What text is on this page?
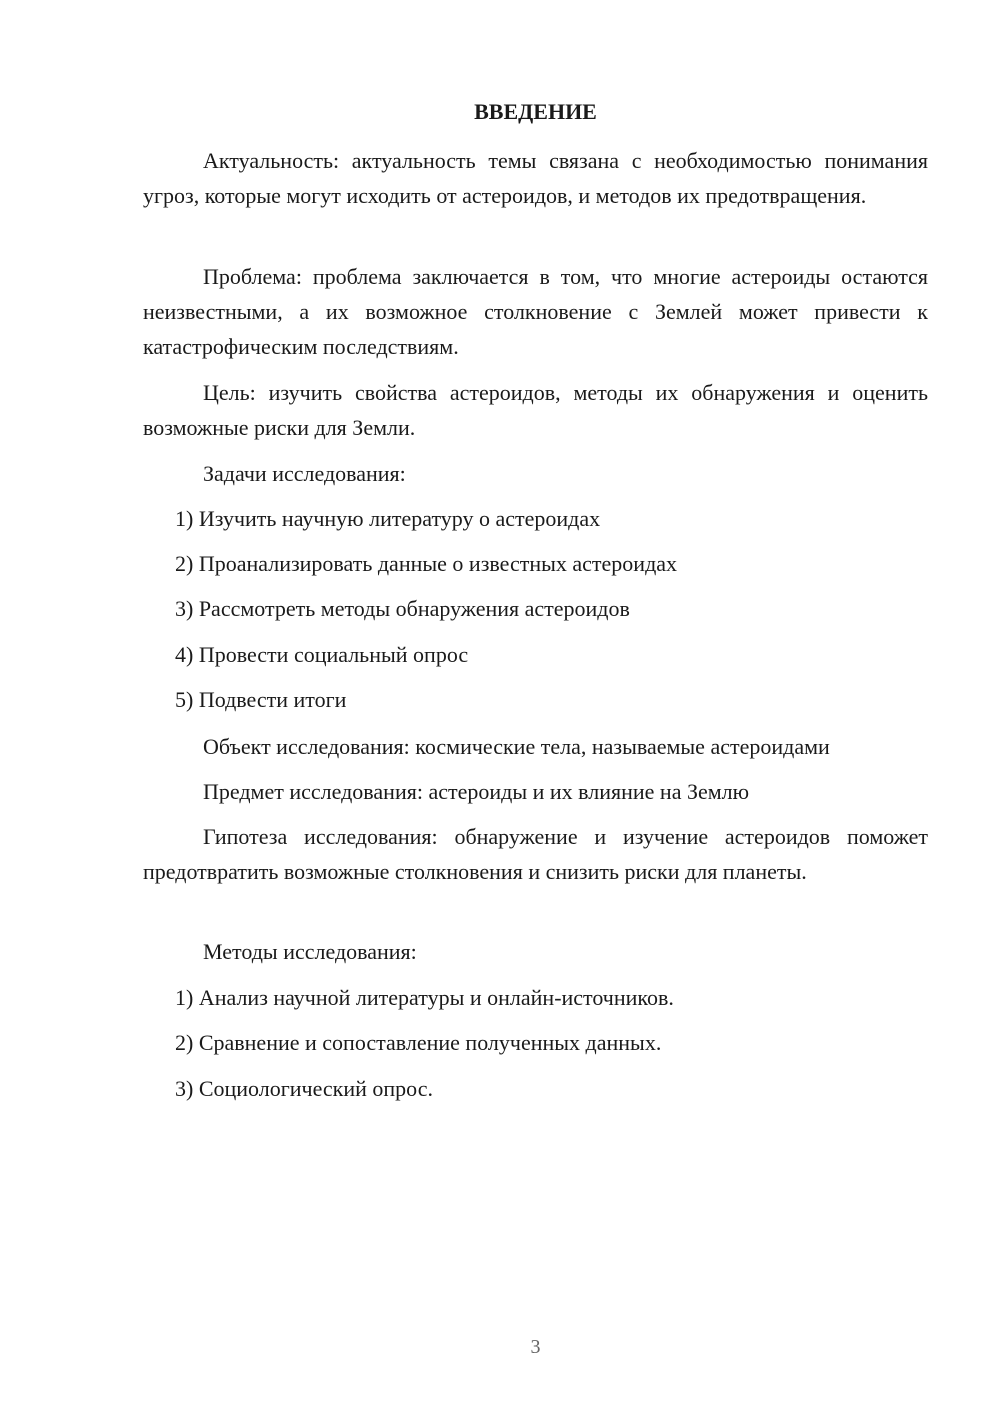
ВВЕДЕНИЕ

Актуальность: актуальность темы связана с необходимостью понимания угроз, которые могут исходить от астероидов, и методов их предотвращения.

Проблема: проблема заключается в том, что многие астероиды остаются неизвестными, а их возможное столкновение с Землей может привести к катастрофическим последствиям.

Цель: изучить свойства астероидов, методы их обнаружения и оценить возможные риски для Земли.

Задачи исследования:

1) Изучить научную литературу о астероидах

2) Проанализировать данные о известных астероидах

3) Рассмотреть методы обнаружения астероидов

4) Провести социальный опрос

5) Подвести итоги

Объект исследования: космические тела, называемые астероидами

Предмет исследования: астероиды и их влияние на Землю

Гипотеза исследования: обнаружение и изучение астероидов поможет предотвратить возможные столкновения и снизить риски для планеты.

Методы исследования:

1) Анализ научной литературы и онлайн-источников.

2) Сравнение и сопоставление полученных данных.

3) Социологический опрос.

3
